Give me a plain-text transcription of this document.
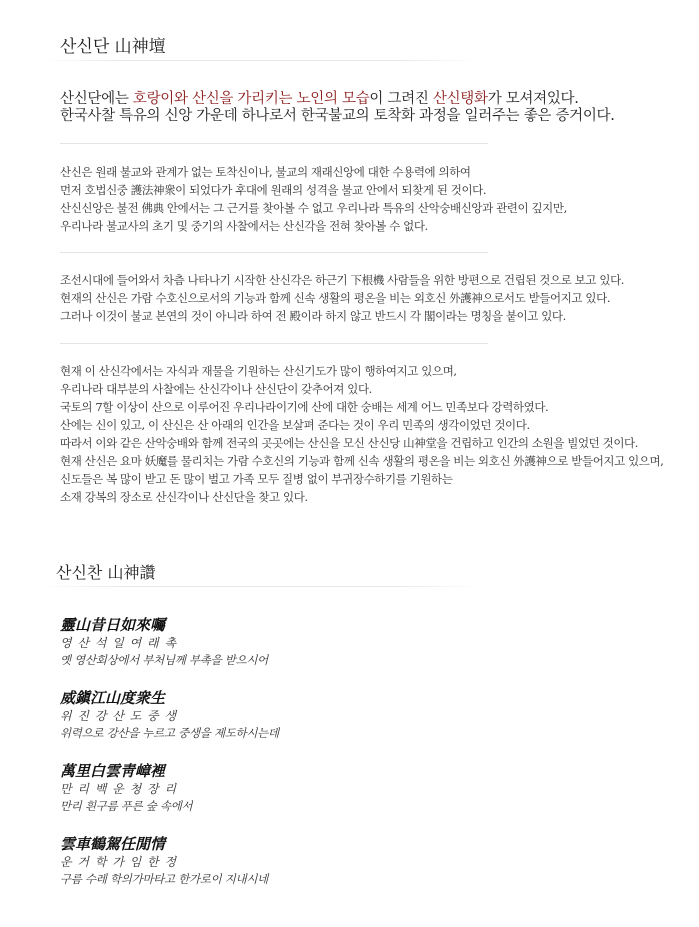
산신단 山神壇
산신단에는 호랑이와 산신을 가리키는 노인의 모습이 그려진 산신탱화가 모셔져있다.
한국사찰 특유의 신앙 가운데 하나로서 한국불교의 토착화 과정을 일러주는 좋은 증거이다.

산신은 원래 불교와 관계가 없는 토착신이나, 불교의 재래신앙에 대한 수용력에 의하여

먼저 호법신중 護法神衆이 되었다가 후대에 원래의 성격을 불교 안에서 되찾게 된 것이다.

산신신앙은 불전 佛典 안에서는 그 근거를 찾아볼 수 없고 우리나라 특유의 산악숭배신앙과 관련이 깊지만,

우리나라 불교사의 초기 및 중기의 사찰에서는 산신각을 전혀 찾아볼 수 없다.

조선시대에 들어와서 차츰 나타나기 시작한 산신각은 하근기 下根機 사람들을 위한 방편으로 건립된 것으로 보고 있다.

현재의 산신은 가람 수호신으로서의 기능과 함께 신속 생활의 평온을 비는 외호신 外護神으로서도 받들어지고 있다.

그러나 이것이 불교 본연의 것이 아니라 하여 전 殿이라 하지 않고 반드시 각 閣이라는 명칭을 붙이고 있다.

현재 이 산신각에서는 자식과 재물을 기원하는 산신기도가 많이 행하여지고 있으며,

우리나라 대부분의 사찰에는 산신각이나 산신단이 갖추어져 있다.

국토의 7할 이상이 산으로 이루어진 우리나라이기에 산에 대한 숭배는 세계 어느 민족보다 강력하였다.

산에는 신이 있고, 이 산신은 산 아래의 인간을 보살펴 준다는 것이 우리 민족의 생각이었던 것이다.

따라서 이와 같은 산악숭배와 함께 전국의 곳곳에는 산신을 모신 산신당 山神堂을 건립하고 인간의 소원을 빌었던 것이다.

현재 산신은 요마 妖魔를 물리치는 가람 수호신의 기능과 함께 신속 생활의 평온을 비는 외호신 外護神으로 받들어지고 있으며,

신도들은 복 많이 받고 돈 많이 벌고 가족 모두 질병 없이 부귀장수하기를 기원하는

소재 강복의 장소로 산신각이나 산신단을 찾고 있다.

산신찬 山神讚
靈山昔日如來囑
영 산 석 일 여 래 촉
옛 영산회상에서 부처님께 부촉을 받으시어
威鎭江山度衆生
위 진 강 산 도 중 생
위력으로 강산을 누르고 중생을 제도하시는데
萬里白雲靑嶂裡
만 리 백 운 청 장 리
만리 흰구름 푸른 숲 속에서
雲車鶴駕任閒情
운 거 학 가 임 한 정
구름 수레 학의가마타고 한가로이 지내시네
